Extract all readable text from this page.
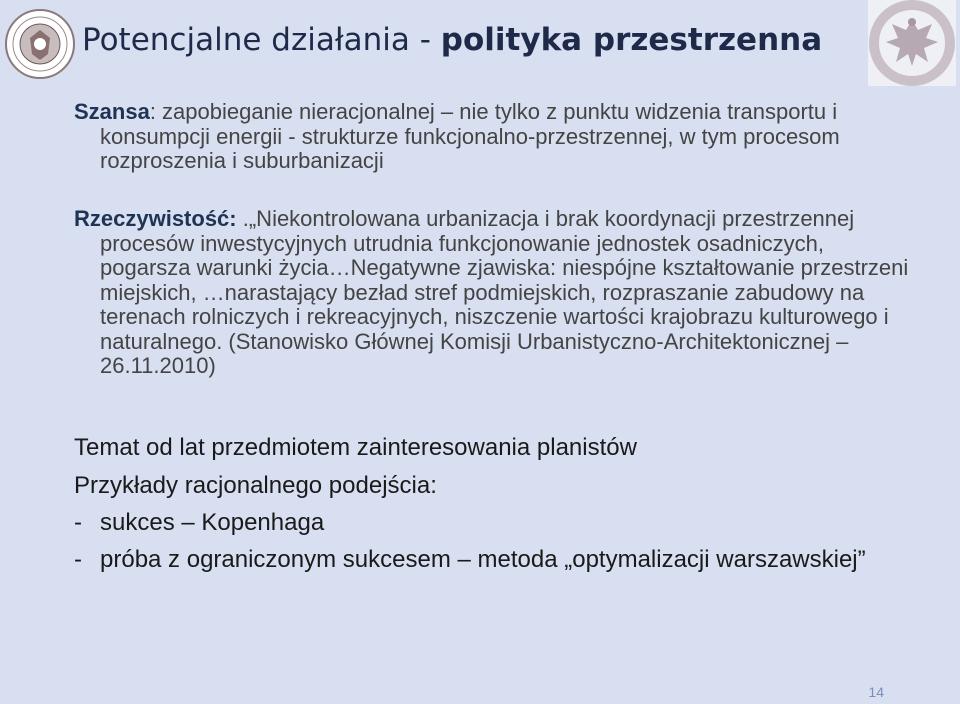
Potencjalne działania - polityka przestrzenna
Szansa: zapobieganie nieracjonalnej – nie tylko z punktu widzenia transportu i konsumpcji energii - strukturze funkcjonalno-przestrzennej, w tym procesom rozproszenia i suburbanizacji
Rzeczywistość: .„Niekontrolowana urbanizacja i brak koordynacji przestrzennej procesów inwestycyjnych utrudnia funkcjonowanie jednostek osadniczych, pogarsza warunki życia…Negatywne zjawiska: niespójne kształtowanie przestrzeni miejskich, …narastający bezład stref podmiejskich, rozpraszanie zabudowy na terenach rolniczych i rekreacyjnych, niszczenie wartości krajobrazu kulturowego i naturalnego. (Stanowisko Głównej Komisji Urbanistyczno-Architektonicznej – 26.11.2010)
Temat od lat przedmiotem zainteresowania planistów
Przykłady racjonalnego podejścia:
- sukces – Kopenhaga
- próba z ograniczonym sukcesem – metoda „optymalizacji warszawskiej”
14
